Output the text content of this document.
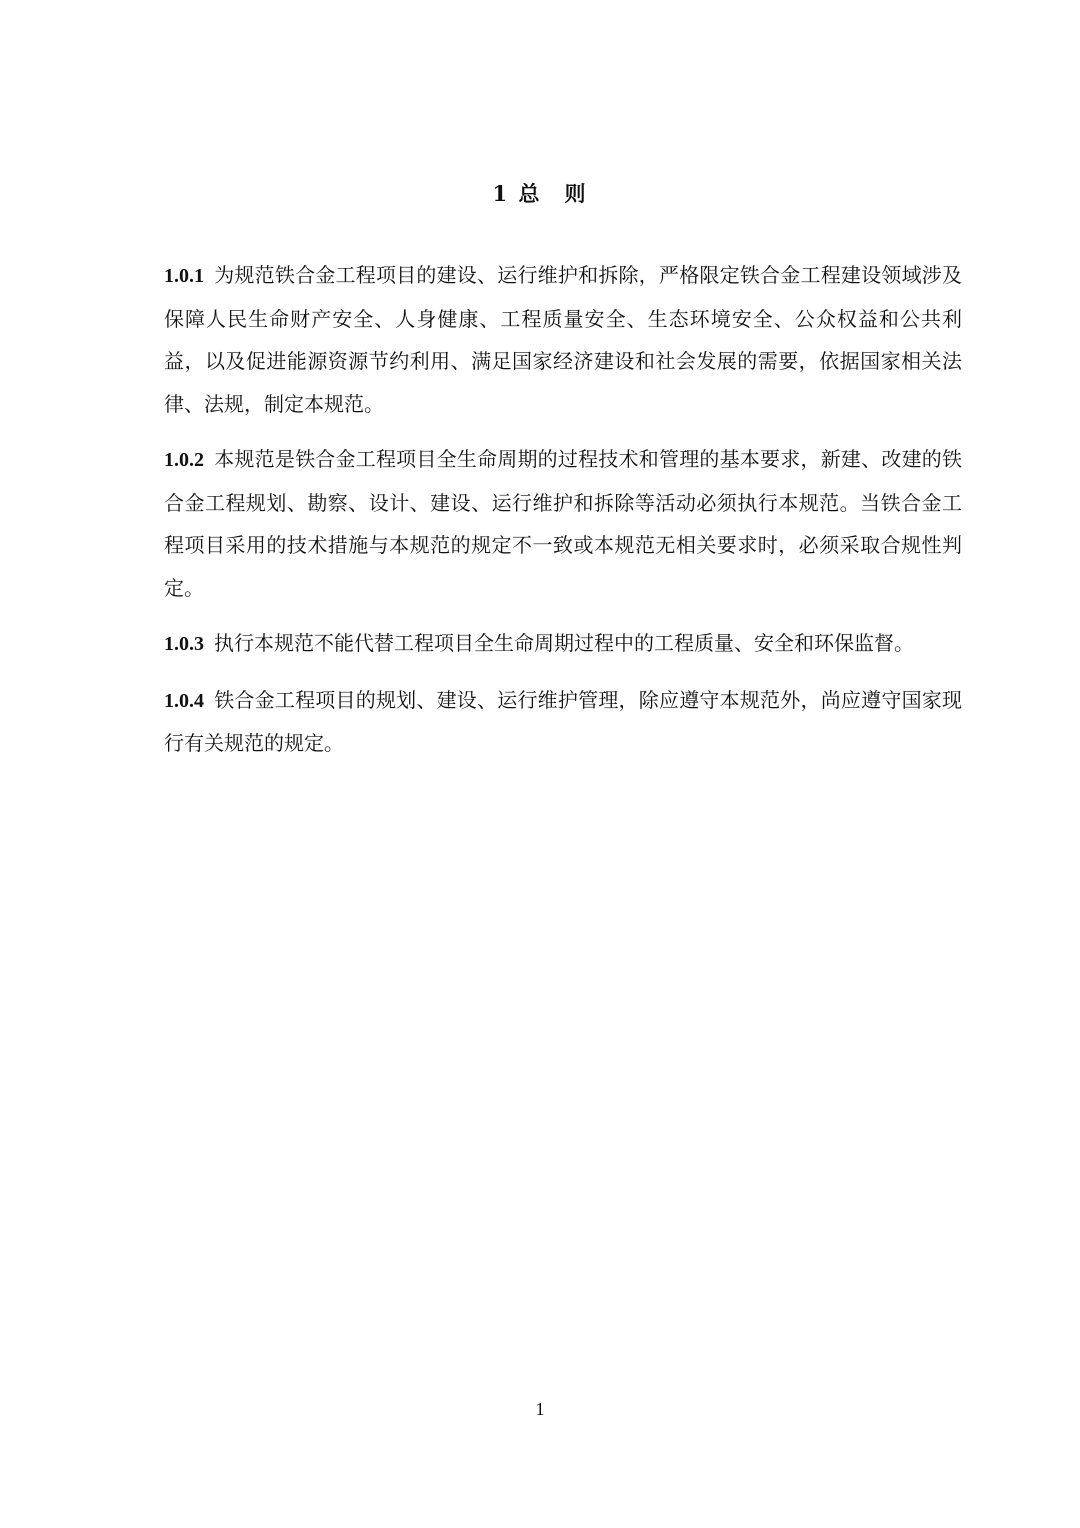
1 总　则

1.0.1 为规范铁合金工程项目的建设、运行维护和拆除，严格限定铁合金工程建设领域涉及保障人民生命财产安全、人身健康、工程质量安全、生态环境安全、公众权益和公共利益，以及促进能源资源节约利用、满足国家经济建设和社会发展的需要，依据国家相关法律、法规，制定本规范。

1.0.2 本规范是铁合金工程项目全生命周期的过程技术和管理的基本要求，新建、改建的铁合金工程规划、勘察、设计、建设、运行维护和拆除等活动必须执行本规范。当铁合金工程项目采用的技术措施与本规范的规定不一致或本规范无相关要求时，必须采取合规性判定。

1.0.3 执行本规范不能代替工程项目全生命周期过程中的工程质量、安全和环保监督。

1.0.4 铁合金工程项目的规划、建设、运行维护管理，除应遵守本规范外，尚应遵守国家现行有关规范的规定。

1
